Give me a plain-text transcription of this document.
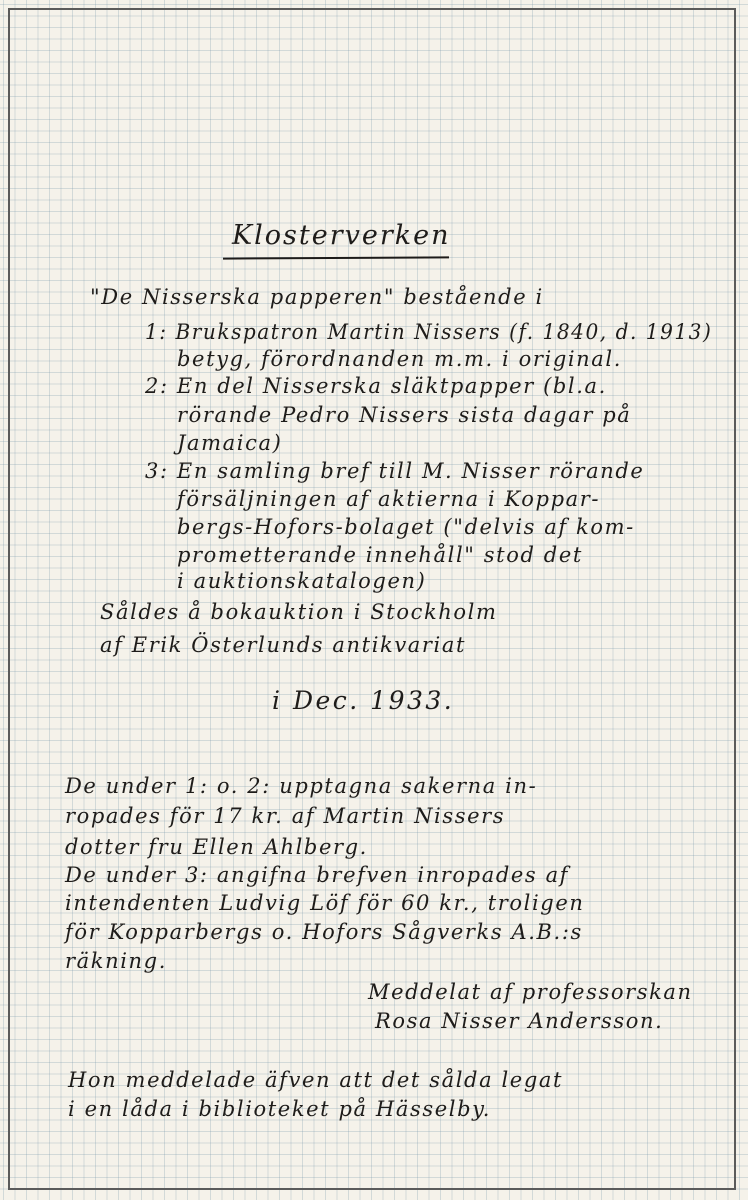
Klosterverken
"De Nisserska papperen" bestående i
1: Brukspatron Martin Nissers (f. 1840, d. 1913)
betyg, förordnanden m.m. i original.
2: En del Nisserska släktpapper (bl.a.
rörande Pedro Nissers sista dagar på
Jamaica)
3: En samling bref till M. Nisser rörande
försäljningen af aktierna i Koppar-
bergs-Hofors-bolaget ("delvis af kom-
prometterande innehåll" stod det
i auktionskatalogen)
Såldes å bokauktion i Stockholm
af Erik Österlunds antikvariat
i Dec. 1933.
De under 1: o. 2: upptagna sakerna in-
ropades för 17 kr. af Martin Nissers
dotter fru Ellen Ahlberg.
De under 3: angifna brefven inropades af
intendenten Ludvig Löf för 60 kr., troligen
för Kopparbergs o. Hofors Sågverks A.B.:s
räkning.
Meddelat af professorskan
Rosa Nisser Andersson.
Hon meddelade äfven att det sålda legat
i en låda i biblioteket på Hässelby.
